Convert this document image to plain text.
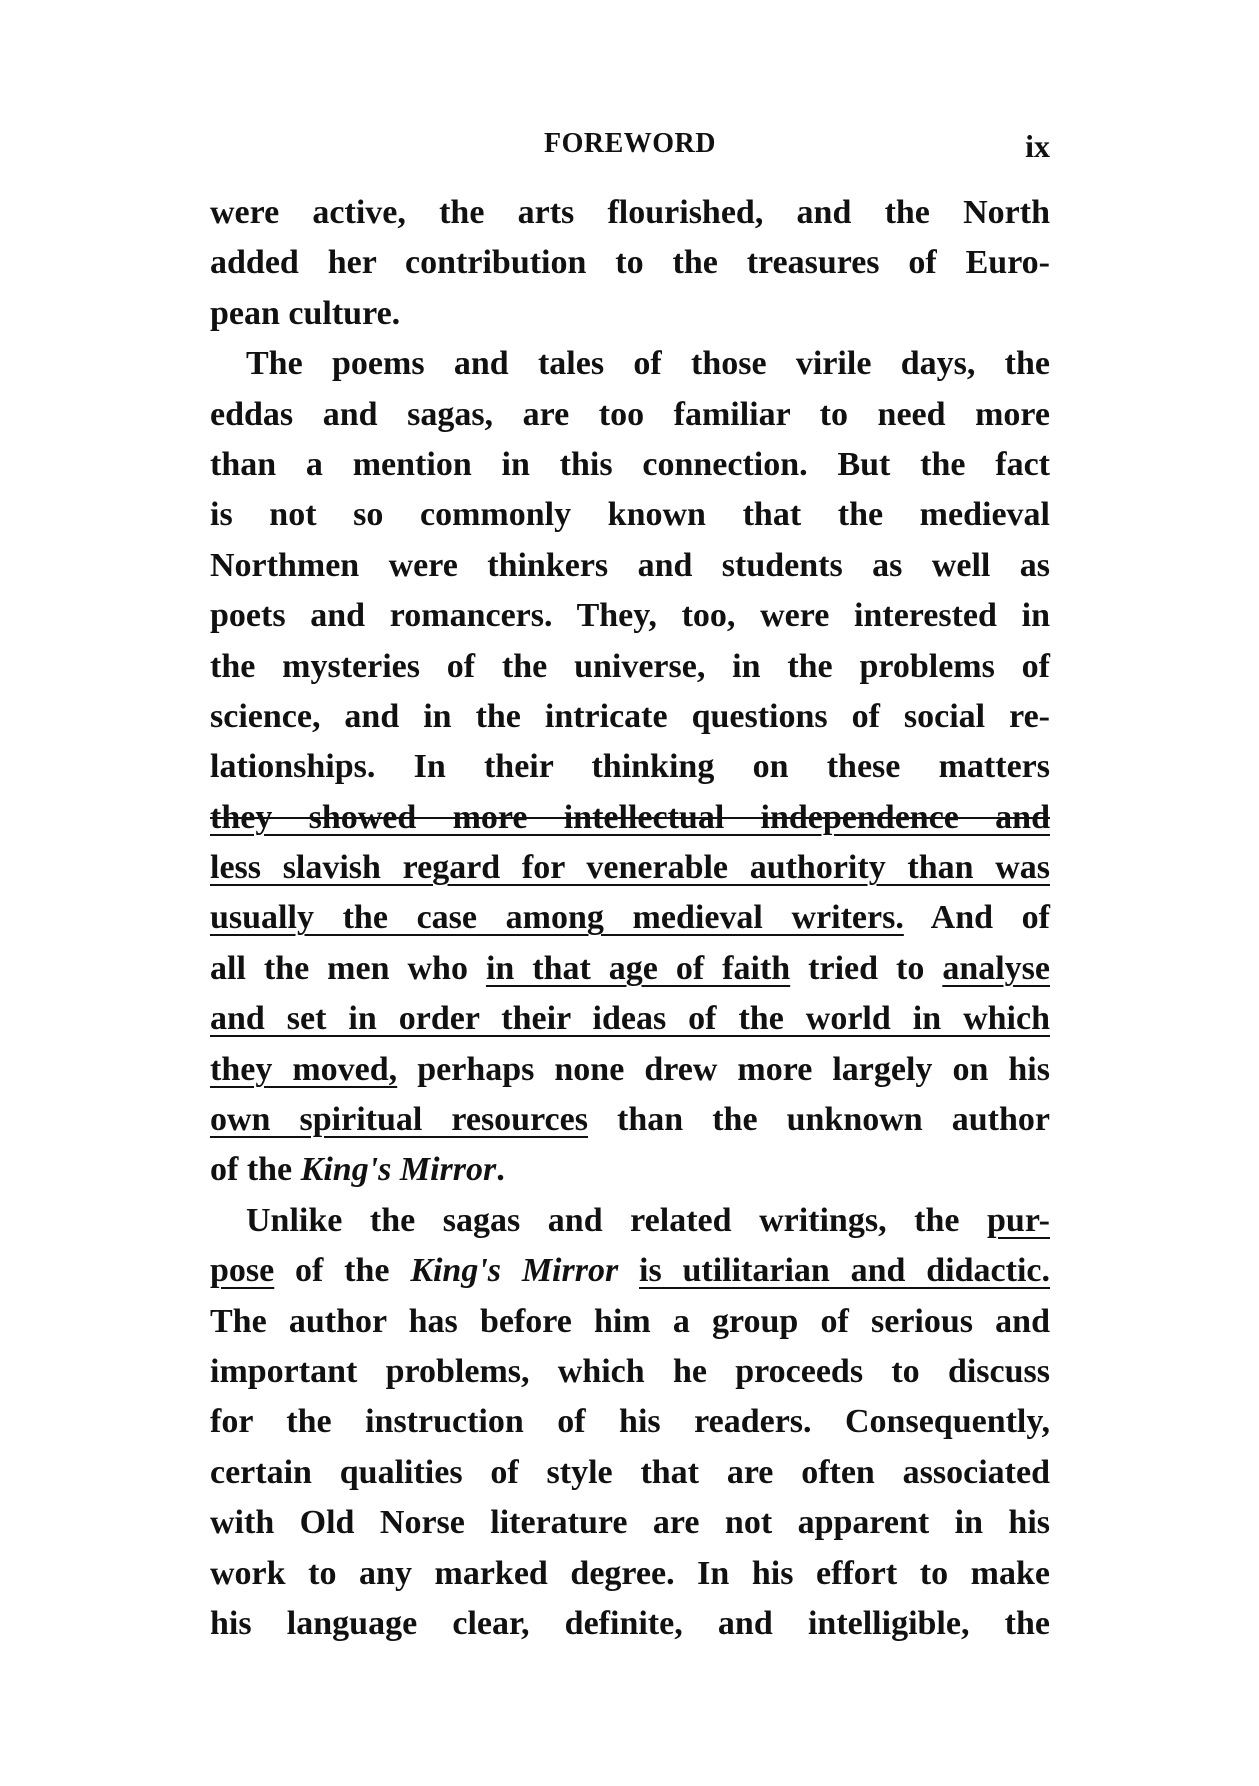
FOREWORD	ix
were active, the arts flourished, and the North
added her contribution to the treasures of Euro-
pean culture.
The poems and tales of those virile days, the
eddas and sagas, are too familiar to need more
than a mention in this connection. But the fact
is not so commonly known that the medieval
Northmen were thinkers and students as well as
poets and romancers. They, too, were interested in
the mysteries of the universe, in the problems of
science, and in the intricate questions of social re-
lationships. In their thinking on these matters
they showed more intellectual independence and
less slavish regard for venerable authority than was
usually the case among medieval writers. And of
all the men who in that age of faith tried to analyse
and set in order their ideas of the world in which
they moved, perhaps none drew more largely on his
own spiritual resources than the unknown author
of the King's Mirror.
Unlike the sagas and related writings, the pur-
pose of the King's Mirror is utilitarian and didactic.
The author has before him a group of serious and
important problems, which he proceeds to discuss
for the instruction of his readers. Consequently,
certain qualities of style that are often associated
with Old Norse literature are not apparent in his
work to any marked degree. In his effort to make
his language clear, definite, and intelligible, the
